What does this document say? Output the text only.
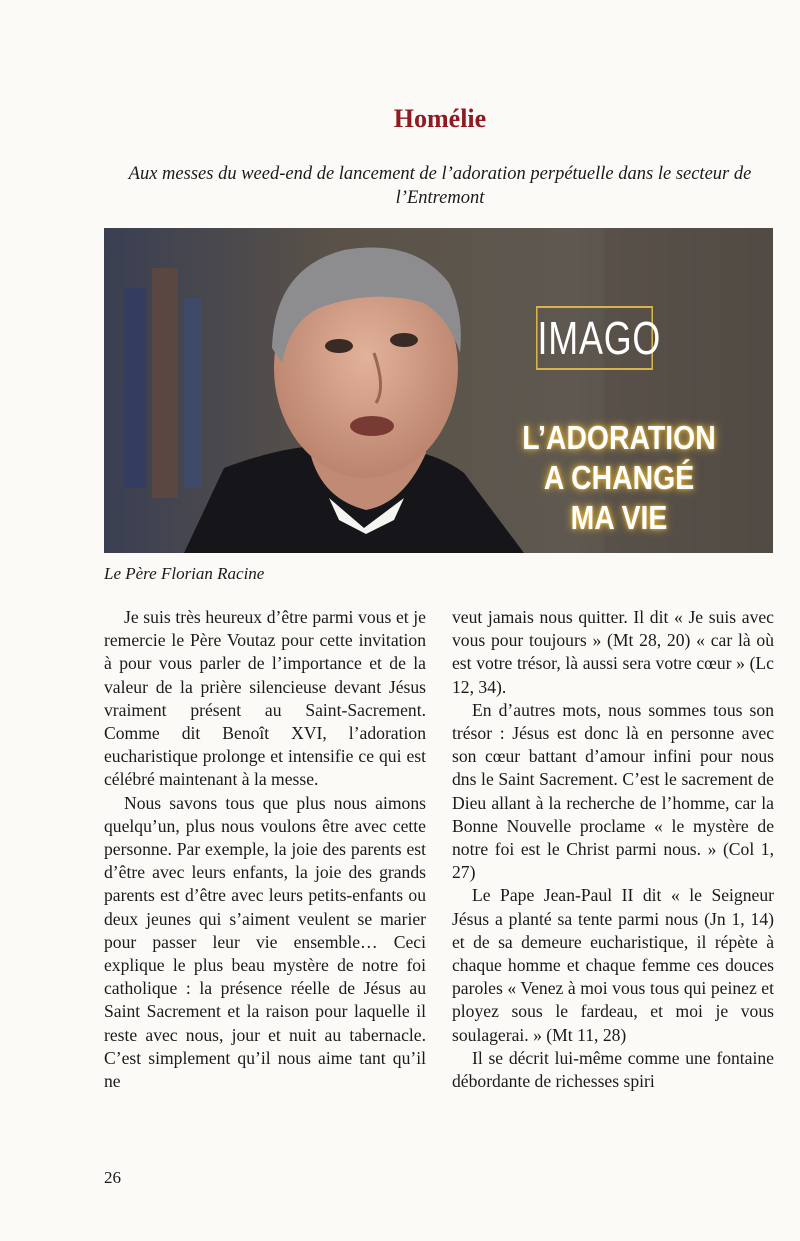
Homélie

Aux messes du weed-end de lancement de l’adoration perpétuelle dans le secteur de l’Entremont

IMAGO
L’ADORATION
A CHANGÉ
MA VIE

Le Père Florian Racine

Je suis très heureux d’être parmi vous et je remercie le Père Voutaz pour cette invitation à pour vous parler de l’importance et de la valeur de la prière silencieuse devant Jésus vraiment présent au Saint-Sacrement. Comme dit Benoît XVI, l’adoration eucharistique prolonge et intensifie ce qui est célébré maintenant à la messe.

Nous savons tous que plus nous aimons quelqu’un, plus nous voulons être avec cette personne. Par exemple, la joie des parents est d’être avec leurs enfants, la joie des grands parents est d’être avec leurs petits-enfants ou deux jeunes qui s’aiment veulent se marier pour passer leur vie ensemble… Ceci explique le plus beau mystère de notre foi catholique : la présence réelle de Jésus au Saint Sacrement et la raison pour laquelle il reste avec nous, jour et nuit au tabernacle. C’est simplement qu’il nous aime tant qu’il ne

veut jamais nous quitter. Il dit « Je suis avec vous pour toujours » (Mt 28, 20) « car là où est votre trésor, là aussi sera votre cœur » (Lc 12, 34).

En d’autres mots, nous sommes tous son trésor : Jésus est donc là en personne avec son cœur battant d’amour infini pour nous dns le Saint Sacrement. C’est le sacrement de Dieu allant à la recherche de l’homme, car la Bonne Nouvelle proclame « le mystère de notre foi est le Christ parmi nous. » (Col 1, 27)

Le Pape Jean-Paul II dit « le Seigneur Jésus a planté sa tente parmi nous (Jn 1, 14) et de sa demeure eucharistique, il répète à chaque homme et chaque femme ces douces paroles « Venez à moi vous tous qui peinez et ployez sous le fardeau, et moi je vous soulagerai. » (Mt 11, 28)

Il se décrit lui-même comme une fontaine débordante de richesses spiri

26
